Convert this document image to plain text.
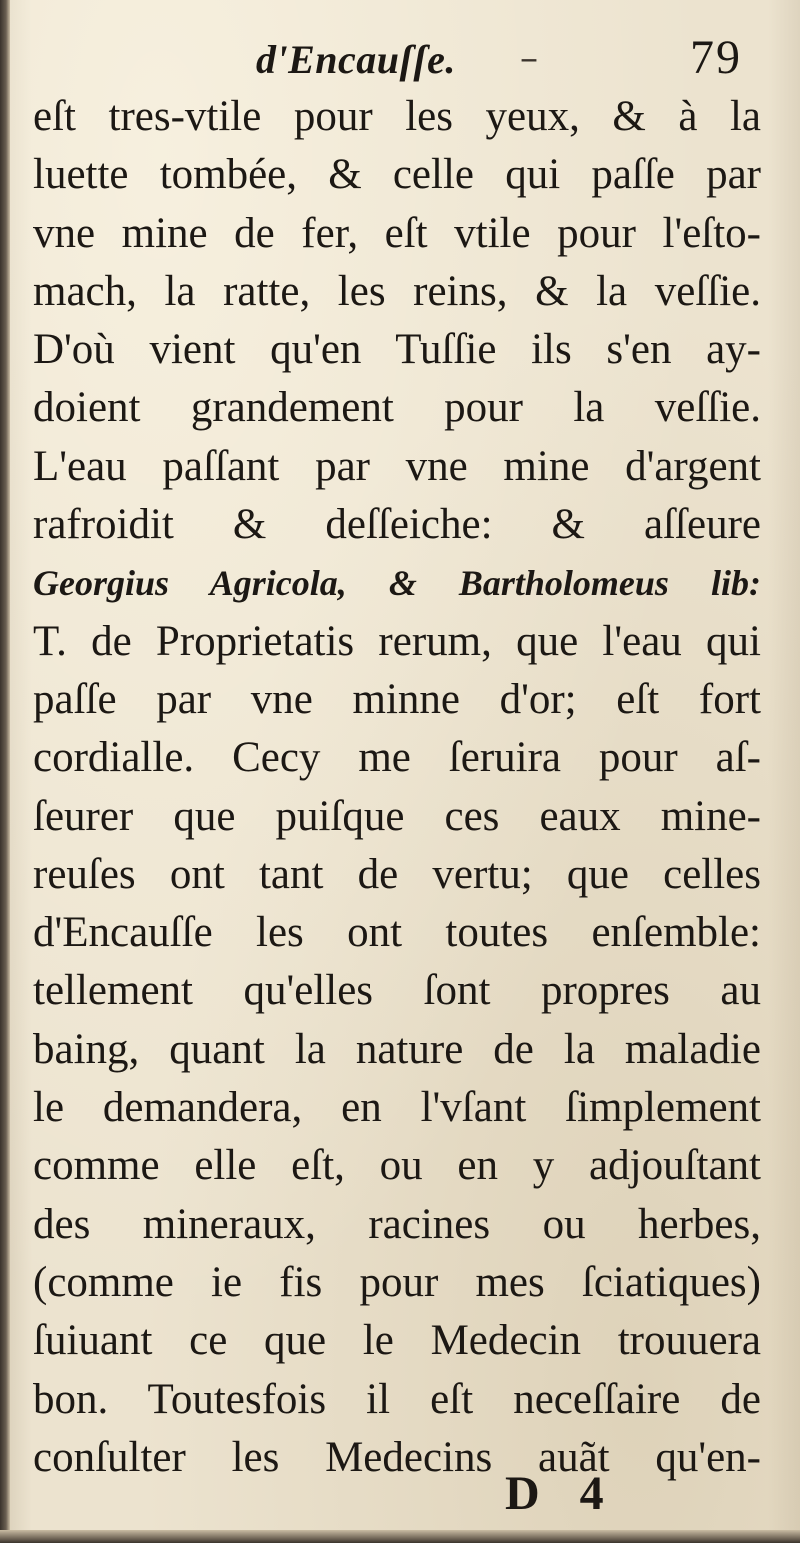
d'Encauſſe. –	79
eſt tres-vtile pour les yeux, & à la
luette tombée, & celle qui paſſe par
vne mine de fer, eſt vtile pour l'eſto-
mach, la ratte, les reins, & la veſſie.
D'où vient qu'en Tuſſie ils s'en ay-
doient grandement pour la veſſie.
L'eau paſſant par vne mine d'argent
rafroidit & deſſeiche: & aſſeure
Georgius Agricola, & Bartholomeus lib:
T. de Proprietatis rerum, que l'eau qui
paſſe par vne minne d'or; eſt fort
cordialle. Cecy me ſeruira pour aſ-
ſeurer que puiſque ces eaux mine-
reuſes ont tant de vertu; que celles
d'Encauſſe les ont toutes enſemble:
tellement qu'elles ſont propres au
baing, quant la nature de la maladie
le demandera, en l'vſant ſimplement
comme elle eſt, ou en y adjouſtant
des mineraux, racines ou herbes,
(comme ie fis pour mes ſciatiques)
ſuiuant ce que le Medecin trouuera
bon. Toutesfois il eſt neceſſaire de
conſulter les Medecins auãt qu'en-
D 4
